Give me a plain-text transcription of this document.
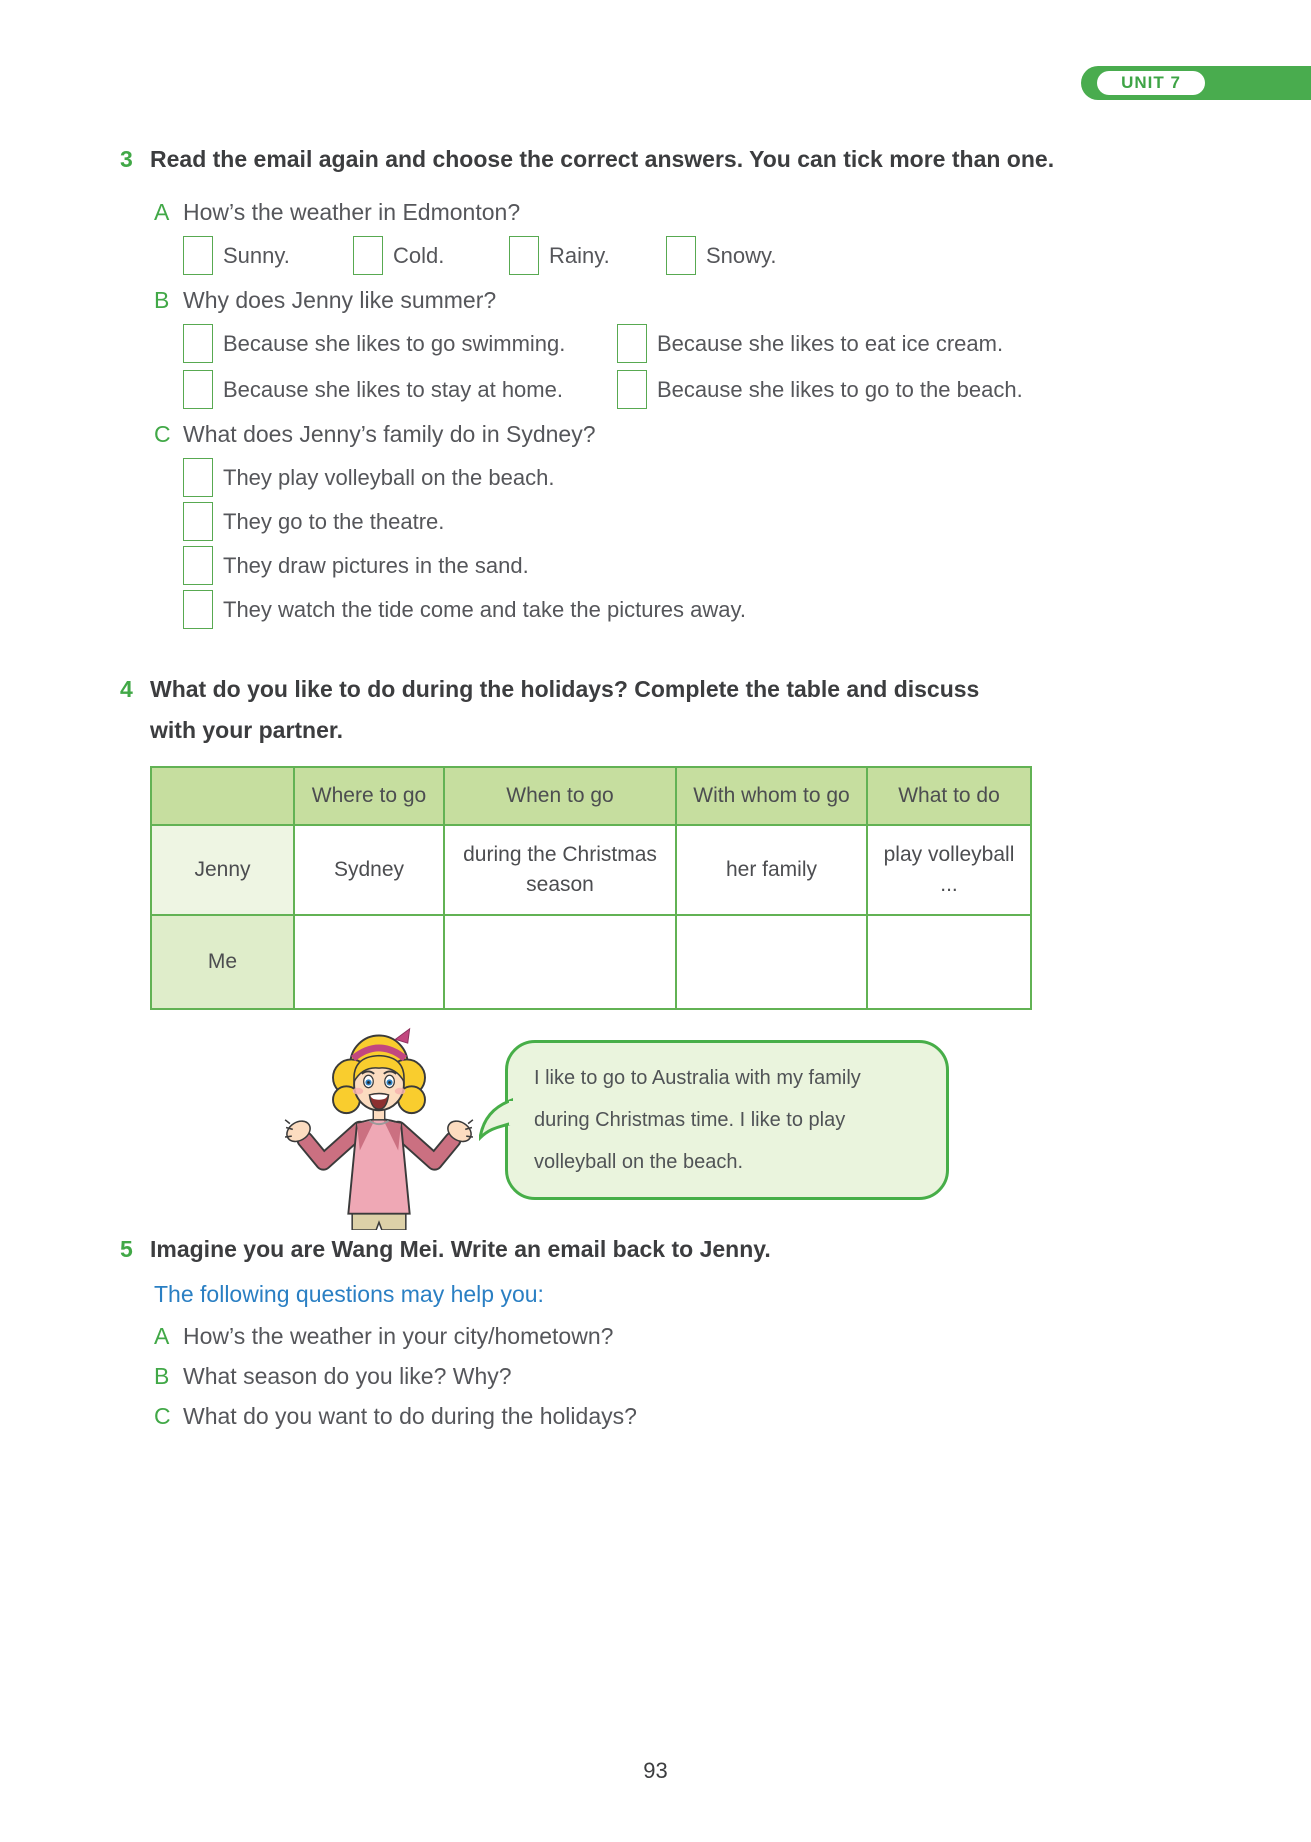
UNIT 7
3 Read the email again and choose the correct answers. You can tick more than one.
A How’s the weather in Edmonton?
Sunny.	Cold.	Rainy.	Snowy.
B Why does Jenny like summer?
Because she likes to go swimming.	Because she likes to eat ice cream.
Because she likes to stay at home.	Because she likes to go to the beach.
C What does Jenny’s family do in Sydney?
They play volleyball on the beach.
They go to the theatre.
They draw pictures in the sand.
They watch the tide come and take the pictures away.
4 What do you like to do during the holidays? Complete the table and discuss
with your partner.
	Where to go	When to go	With whom to go	What to do
Jenny	Sydney	during the Christmas season	her family	play volleyball ...
Me				
I like to go to Australia with my family
during Christmas time. I like to play
volleyball on the beach.
5 Imagine you are Wang Mei. Write an email back to Jenny.
The following questions may help you:
A How’s the weather in your city/hometown?
B What season do you like? Why?
C What do you want to do during the holidays?
93
